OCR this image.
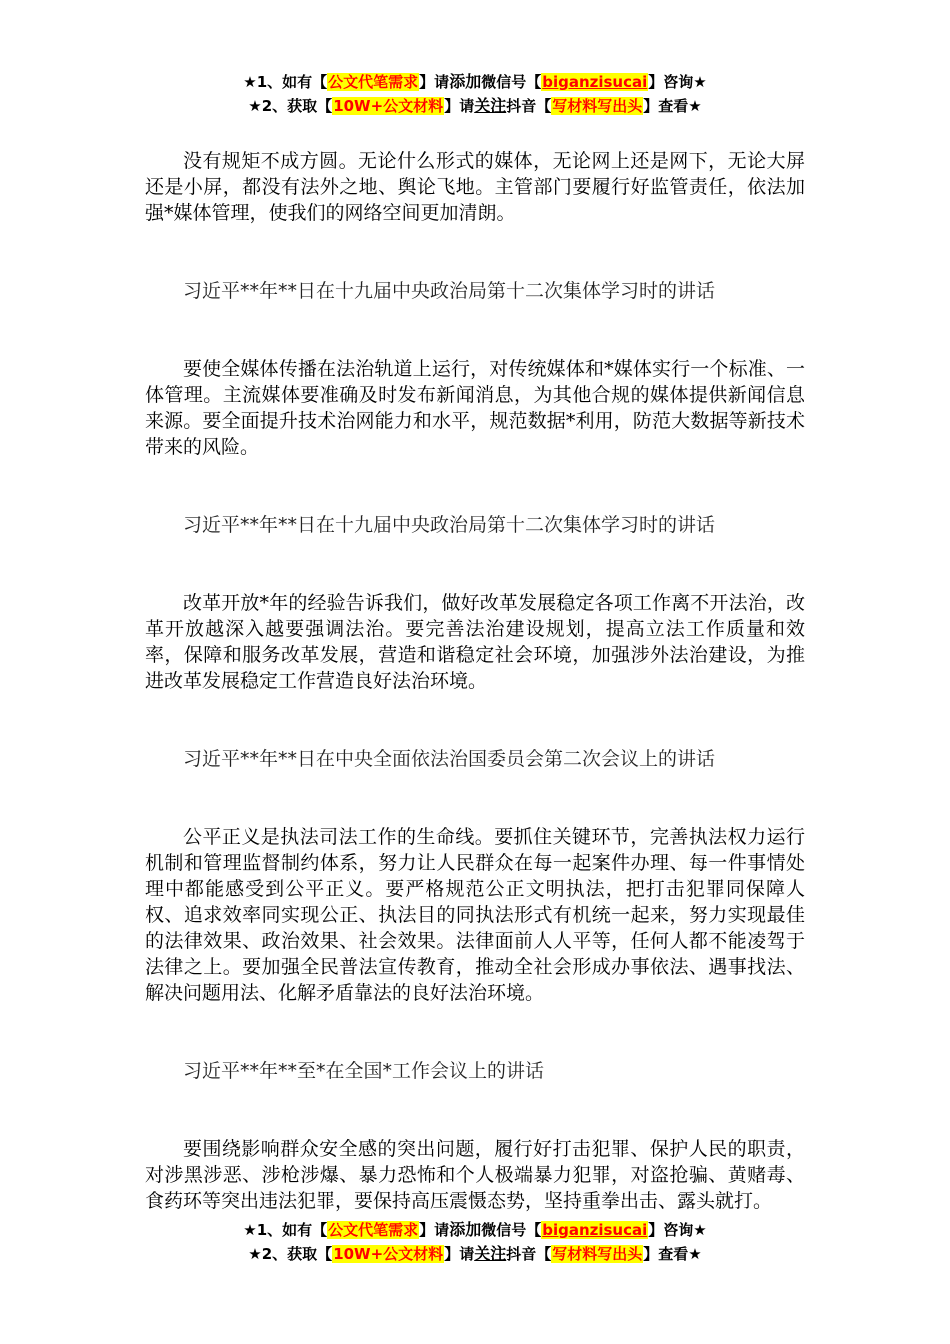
★1、如有【公文代笔需求】请添加微信号【biganzisucai】咨询★
★2、获取【10W+公文材料】请关注抖音【写材料写出头】查看★

没有规矩不成方圆。无论什么形式的媒体，无论网上还是网下，无论大屏还是小屏，都没有法外之地、舆论飞地。主管部门要履行好监管责任，依法加强*媒体管理，使我们的网络空间更加清朗。

习近平**年**日在十九届中央政治局第十二次集体学习时的讲话

要使全媒体传播在法治轨道上运行，对传统媒体和*媒体实行一个标准、一体管理。主流媒体要准确及时发布新闻消息，为其他合规的媒体提供新闻信息来源。要全面提升技术治网能力和水平，规范数据*利用，防范大数据等新技术带来的风险。

习近平**年**日在十九届中央政治局第十二次集体学习时的讲话

改革开放*年的经验告诉我们，做好改革发展稳定各项工作离不开法治，改革开放越深入越要强调法治。要完善法治建设规划，提高立法工作质量和效率，保障和服务改革发展，营造和谐稳定社会环境，加强涉外法治建设，为推进改革发展稳定工作营造良好法治环境。

习近平**年**日在中央全面依法治国委员会第二次会议上的讲话

公平正义是执法司法工作的生命线。要抓住关键环节，完善执法权力运行机制和管理监督制约体系，努力让人民群众在每一起案件办理、每一件事情处理中都能感受到公平正义。要严格规范公正文明执法，把打击犯罪同保障人权、追求效率同实现公正、执法目的同执法形式有机统一起来，努力实现最佳的法律效果、政治效果、社会效果。法律面前人人平等，任何人都不能凌驾于法律之上。要加强全民普法宣传教育，推动全社会形成办事依法、遇事找法、解决问题用法、化解矛盾靠法的良好法治环境。

习近平**年**至*在全国*工作会议上的讲话

要围绕影响群众安全感的突出问题，履行好打击犯罪、保护人民的职责，对涉黑涉恶、涉枪涉爆、暴力恐怖和个人极端暴力犯罪，对盗抢骗、黄赌毒、食药环等突出违法犯罪，要保持高压震慑态势，坚持重拳出击、露头就打。

★1、如有【公文代笔需求】请添加微信号【biganzisucai】咨询★
★2、获取【10W+公文材料】请关注抖音【写材料写出头】查看★
